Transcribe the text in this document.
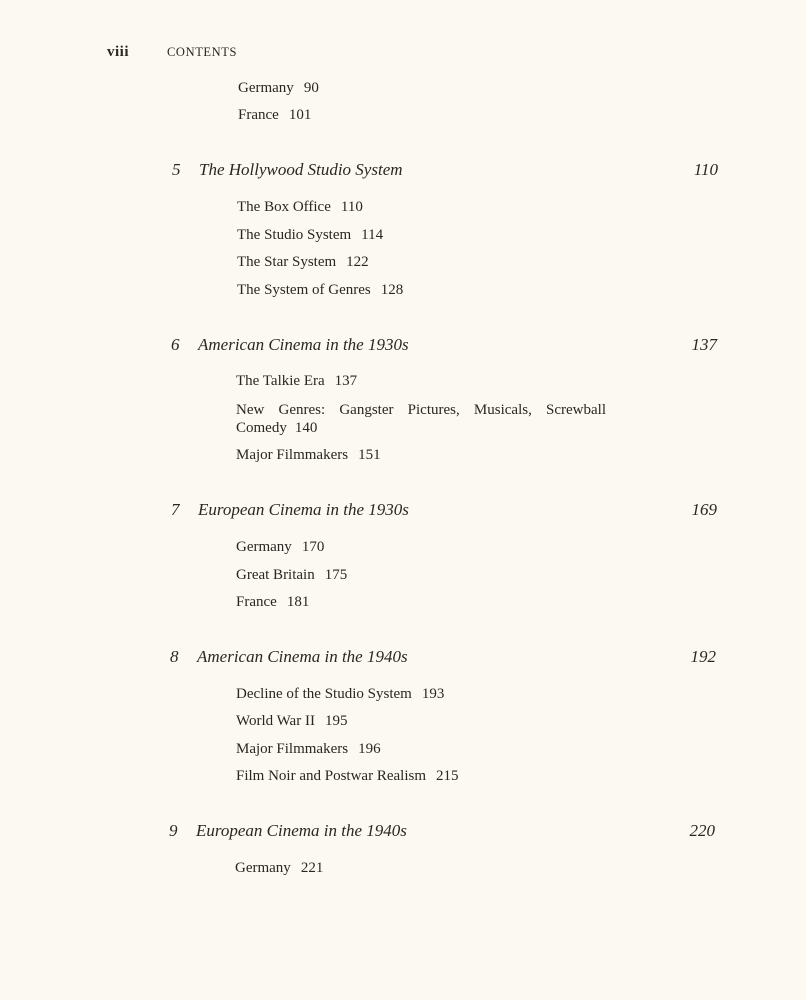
viii	CONTENTS
Germany 90
France 101
5 The Hollywood Studio System	110
The Box Office 110
The Studio System 114
The Star System 122
The System of Genres 128
6 American Cinema in the 1930s	137
The Talkie Era 137
New Genres: Gangster Pictures, Musicals, Screwball Comedy 140
Major Filmmakers 151
7 European Cinema in the 1930s	169
Germany 170
Great Britain 175
France 181
8 American Cinema in the 1940s	192
Decline of the Studio System 193
World War II 195
Major Filmmakers 196
Film Noir and Postwar Realism 215
9 European Cinema in the 1940s	220
Germany 221
